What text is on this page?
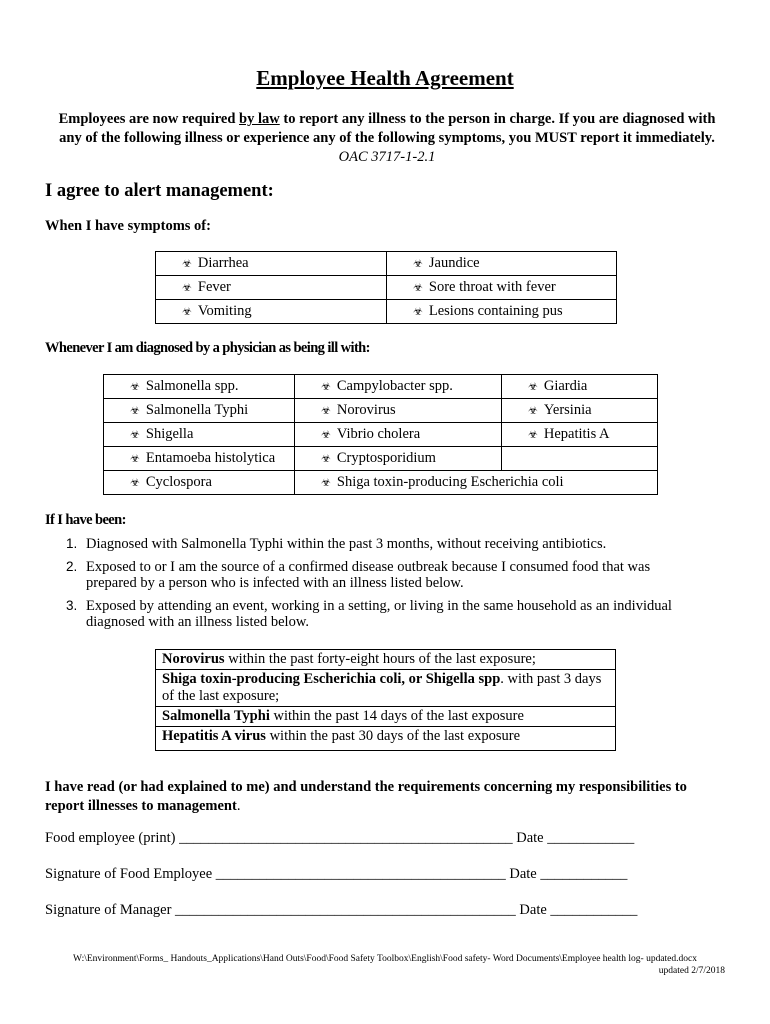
Employee Health Agreement
Employees are now required by law to report any illness to the person in charge. If you are diagnosed with any of the following illness or experience any of the following symptoms, you MUST report it immediately. OAC 3717-1-2.1
I agree to alert management:
When I have symptoms of:
☣ Diarrhea	☣ Jaundice
☣ Fever	☣ Sore throat with fever
☣ Vomiting	☣ Lesions containing pus
Whenever I am diagnosed by a physician as being ill with:
☣ Salmonella spp.	☣ Campylobacter spp.	☣ Giardia
☣ Salmonella Typhi	☣ Norovirus	☣ Yersinia
☣ Shigella	☣ Vibrio cholera	☣ Hepatitis A
☣ Entamoeba histolytica	☣ Cryptosporidium	
☣ Cyclospora	☣ Shiga toxin-producing Escherichia coli	
If I have been:
1. Diagnosed with Salmonella Typhi within the past 3 months, without receiving antibiotics.
2. Exposed to or I am the source of a confirmed disease outbreak because I consumed food that was prepared by a person who is infected with an illness listed below.
3. Exposed by attending an event, working in a setting, or living in the same household as an individual diagnosed with an illness listed below.
Norovirus within the past forty-eight hours of the last exposure;
Shiga toxin-producing Escherichia coli, or Shigella spp. with past 3 days of the last exposure;
Salmonella Typhi within the past 14 days of the last exposure
Hepatitis A virus within the past 30 days of the last exposure
I have read (or had explained to me) and understand the requirements concerning my responsibilities to report illnesses to management.
Food employee (print) ______________________________________________ Date ____________
Signature of Food Employee ________________________________________ Date ____________
Signature of Manager _______________________________________________ Date ____________
W:\Environment\Forms_ Handouts_Applications\Hand Outs\Food\Food Safety Toolbox\English\Food safety- Word Documents\Employee health log- updated.docx
updated 2/7/2018
